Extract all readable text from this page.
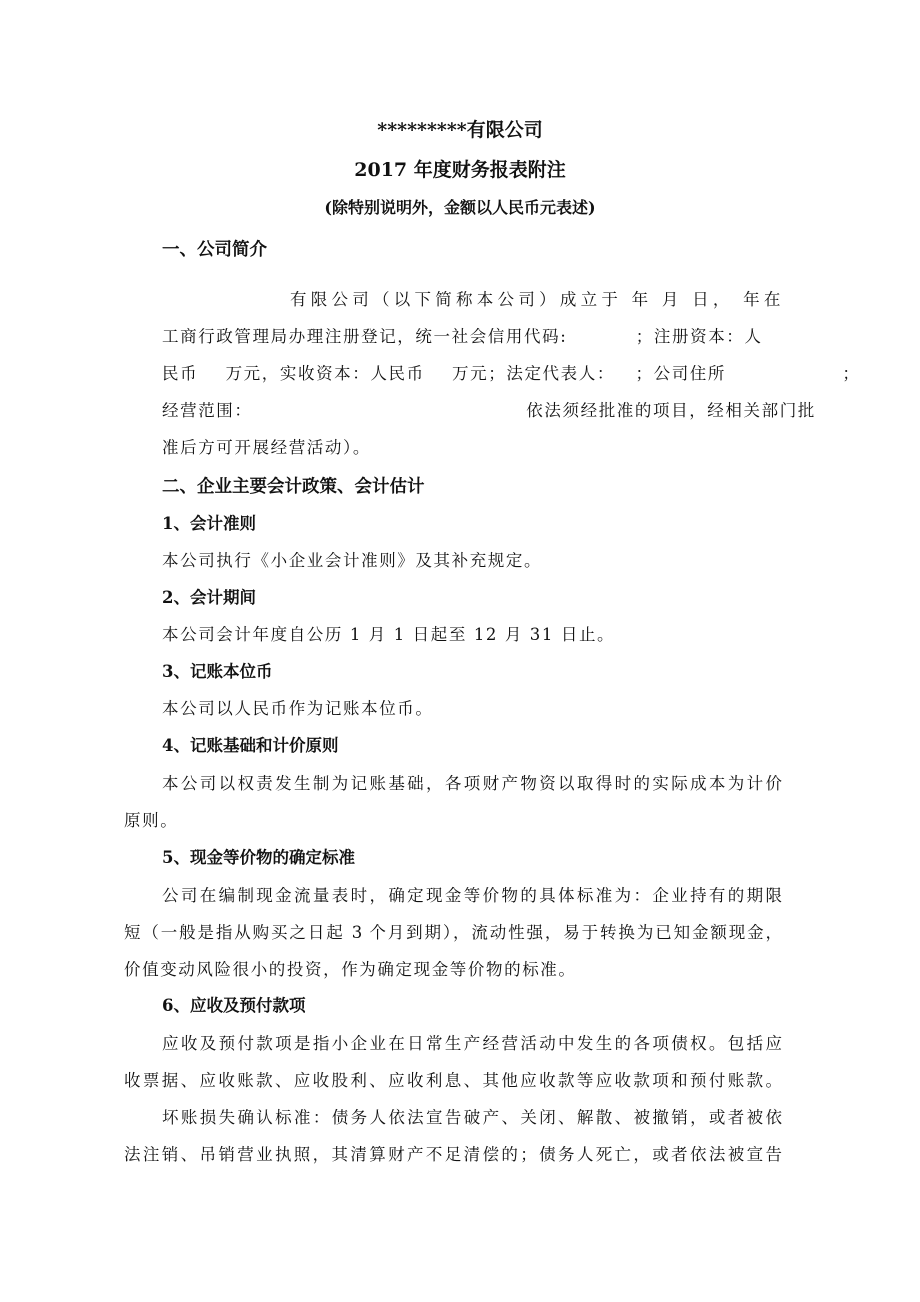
*********有限公司
2017 年度财务报表附注
(除特别说明外，金额以人民币元表述)
一、公司简介
有限公司（以下简称本公司）成立于 年 月 日， 年在
工商行政管理局办理注册登记，统一社会信用代码:          ；注册资本：人
民币    万元，实收资本：人民币    万元；法定代表人：   ；公司住所                 ；
经营范围：                                        依法须经批准的项目，经相关部门批
准后方可开展经营活动）。
二、企业主要会计政策、会计估计
1、会计准则
本公司执行《小企业会计准则》及其补充规定。
2、会计期间
本公司会计年度自公历 1 月 1 日起至 12 月 31 日止。
3、记账本位币
本公司以人民币作为记账本位币。
4、记账基础和计价原则
本公司以权责发生制为记账基础，各项财产物资以取得时的实际成本为计价
原则。
5、现金等价物的确定标准
公司在编制现金流量表时，确定现金等价物的具体标准为：企业持有的期限
短（一般是指从购买之日起 3 个月到期），流动性强，易于转换为已知金额现金，
价值变动风险很小的投资，作为确定现金等价物的标准。
6、应收及预付款项
应收及预付款项是指小企业在日常生产经营活动中发生的各项债权。包括应
收票据、应收账款、应收股利、应收利息、其他应收款等应收款项和预付账款。
坏账损失确认标准：债务人依法宣告破产、关闭、解散、被撤销，或者被依
法注销、吊销营业执照，其清算财产不足清偿的；债务人死亡，或者依法被宣告
